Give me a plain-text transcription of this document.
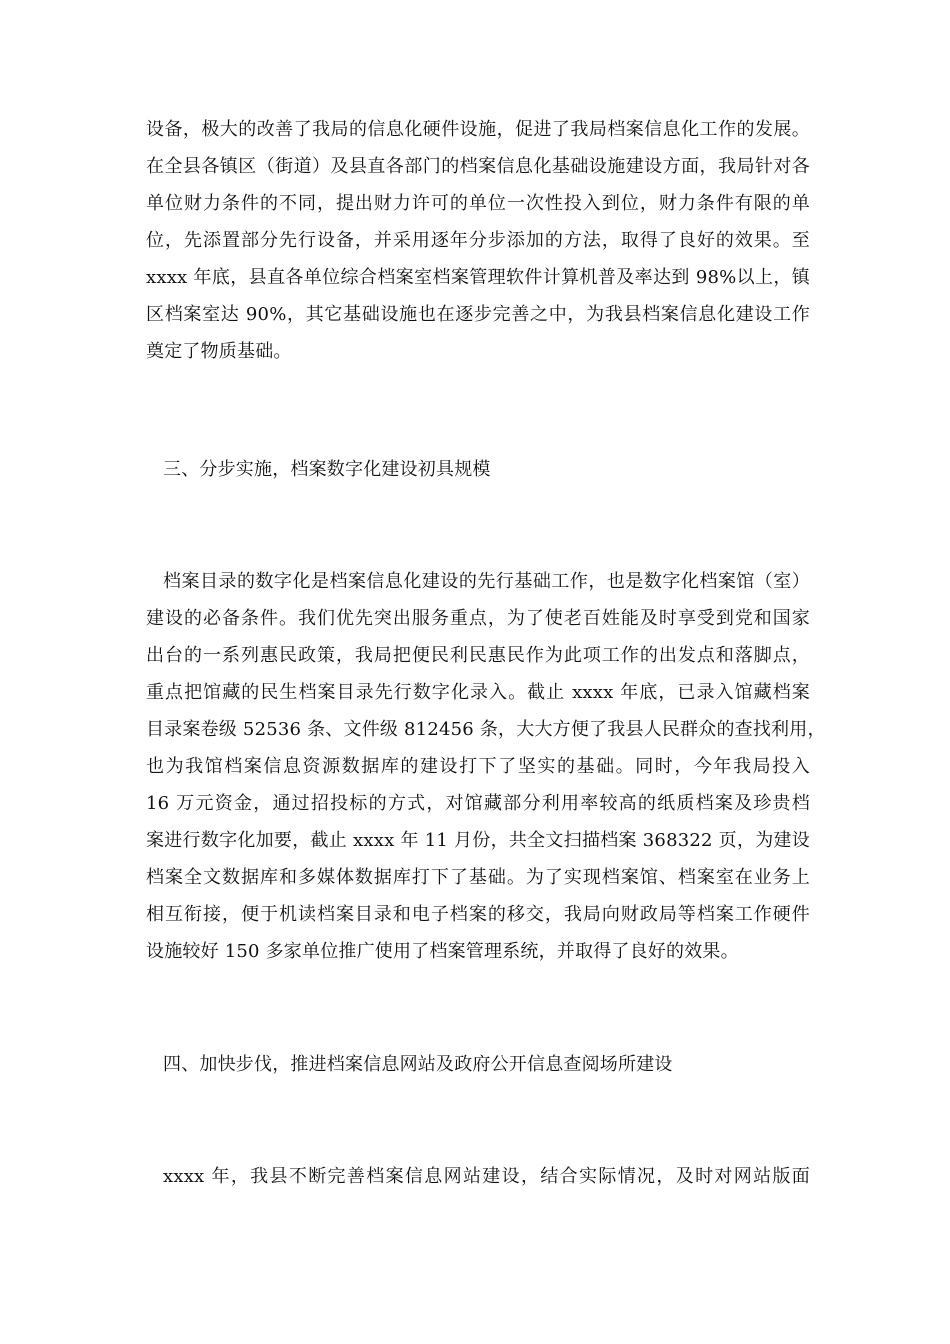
设备，极大的改善了我局的信息化硬件设施，促进了我局档案信息化工作的发展。
在全县各镇区（街道）及县直各部门的档案信息化基础设施建设方面，我局针对各
单位财力条件的不同，提出财力许可的单位一次性投入到位，财力条件有限的单
位，先添置部分先行设备，并采用逐年分步添加的方法，取得了良好的效果。至
xxxx 年底，县直各单位综合档案室档案管理软件计算机普及率达到 98%以上，镇
区档案室达 90%，其它基础设施也在逐步完善之中，为我县档案信息化建设工作
奠定了物质基础。
三、分步实施，档案数字化建设初具规模
档案目录的数字化是档案信息化建设的先行基础工作，也是数字化档案馆（室）
建设的必备条件。我们优先突出服务重点，为了使老百姓能及时享受到党和国家
出台的一系列惠民政策，我局把便民利民惠民作为此项工作的出发点和落脚点，
重点把馆藏的民生档案目录先行数字化录入。截止 xxxx 年底，已录入馆藏档案
目录案卷级 52536 条、文件级 812456 条，大大方便了我县人民群众的查找利用，
也为我馆档案信息资源数据库的建设打下了坚实的基础。同时，今年我局投入
16 万元资金，通过招投标的方式，对馆藏部分利用率较高的纸质档案及珍贵档
案进行数字化加要，截止 xxxx 年 11 月份，共全文扫描档案 368322 页，为建设
档案全文数据库和多媒体数据库打下了基础。为了实现档案馆、档案室在业务上
相互衔接，便于机读档案目录和电子档案的移交，我局向财政局等档案工作硬件
设施较好 150 多家单位推广使用了档案管理系统，并取得了良好的效果。
四、加快步伐，推进档案信息网站及政府公开信息查阅场所建设
xxxx 年，我县不断完善档案信息网站建设，结合实际情况，及时对网站版面
